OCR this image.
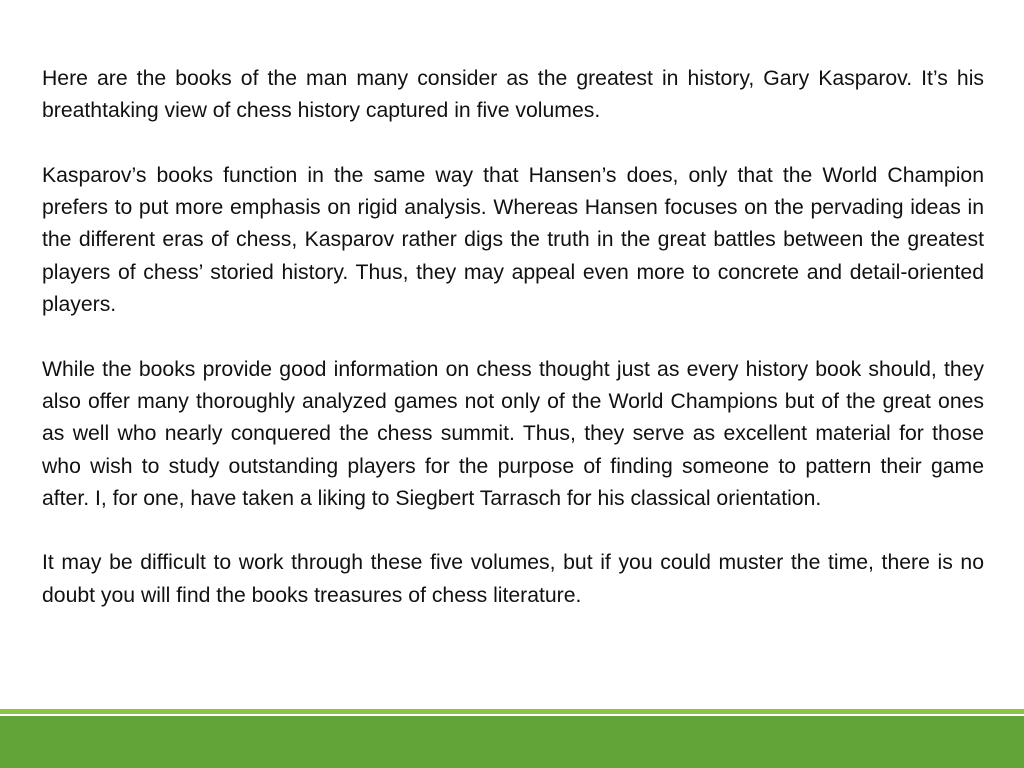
Here are the books of the man many consider as the greatest in history, Gary Kasparov. It’s his breathtaking view of chess history captured in five volumes.

Kasparov’s books function in the same way that Hansen’s does, only that the World Champion prefers to put more emphasis on rigid analysis. Whereas Hansen focuses on the pervading ideas in the different eras of chess, Kasparov rather digs the truth in the great battles between the greatest players of chess’ storied history. Thus, they may appeal even more to concrete and detail-oriented players.

While the books provide good information on chess thought just as every history book should, they also offer many thoroughly analyzed games not only of the World Champions but of the great ones as well who nearly conquered the chess summit. Thus, they serve as excellent material for those who wish to study outstanding players for the purpose of finding someone to pattern their game after. I, for one, have taken a liking to Siegbert Tarrasch for his classical orientation.

It may be difficult to work through these five volumes, but if you could muster the time, there is no doubt you will find the books treasures of chess literature.
